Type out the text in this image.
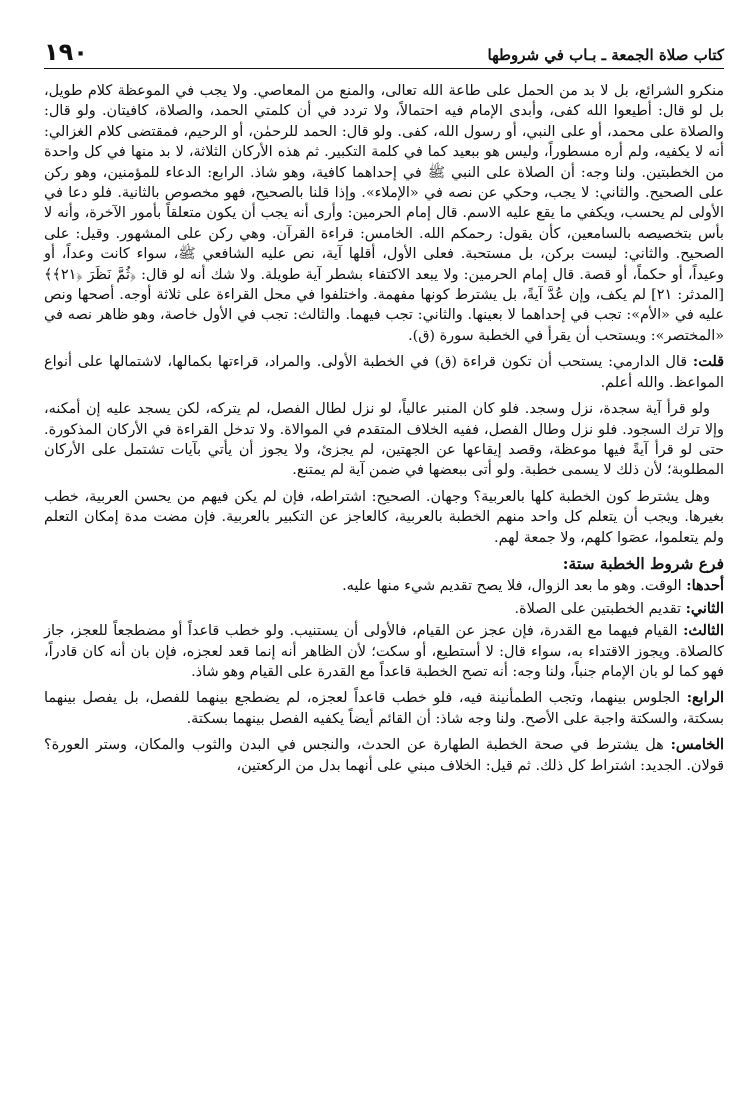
كتاب صلاة الجمعة ـ بـاب في شروطها
١٩٠

منكرو الشرائع، بل لا بد من الحمل على طاعة الله تعالى، والمنع من المعاصي. ولا يجب في الموعظة كلام طويل، بل لو قال: أطيعوا الله كفى، وأبدى الإمام فيه احتمالاً، ولا تردد في أن كلمتي الحمد، والصلاة، كافيتان. ولو قال: والصلاة على محمد، أو على النبي، أو رسول الله، كفى. ولو قال: الحمد للرحمٰن، أو الرحيم، فمقتضى كلام الغزالي: أنه لا يكفيه، ولم أره مسطوراً، وليس هو ببعيد كما في كلمة التكبير. ثم هذه الأركان الثلاثة، لا بد منها في كل واحدة من الخطبتين. ولنا وجه: أن الصلاة على النبي ﷺ في إحداهما كافية، وهو شاذ. الرابع: الدعاء للمؤمنين، وهو ركن على الصحيح. والثاني: لا يجب، وحكي عن نصه في «الإملاء». وإذا قلنا بالصحيح، فهو مخصوص بالثانية. فلو دعا في الأولى لم يحسب، ويكفي ما يقع عليه الاسم. قال إمام الحرمين: وأرى أنه يجب أن يكون متعلقاً بأمور الآخرة، وأنه لا بأس بتخصيصه بالسامعين، كأن يقول: رحمكم الله. الخامس: قراءة القرآن. وهي ركن على المشهور. وقيل: على الصحيح. والثاني: ليست بركن، بل مستحبة. فعلى الأول، أقلها آية، نص عليه الشافعي ﷺ، سواء كانت وعداً، أو وعيداً، أو حكماً، أو قصة. قال إمام الحرمين: ولا يبعد الاكتفاء بشطر آية طويلة. ولا شك أنه لو قال: ﴿ثُمَّ نَظَرَ ﴿٢١﴾﴾ [المدثر: ٢١] لم يكف، وإن عُدَّ آيةً، بل يشترط كونها مفهمة. واختلفوا في محل القراءة على ثلاثة أوجه. أصحها ونص عليه في «الأم»: تجب في إحداهما لا بعينها. والثاني: تجب فيهما. والثالث: تجب في الأول خاصة، وهو ظاهر نصه في «المختصر»: ويستحب أن يقرأ في الخطبة سورة (ق).

قلت: قال الدارمي: يستحب أن تكون قراءة (ق) في الخطبة الأولى. والمراد، قراءتها بكمالها، لاشتمالها على أنواع المواعظ. والله أعلم.

ولو قرأ آية سجدة، نزل وسجد. فلو كان المنبر عالياً، لو نزل لطال الفصل، لم يتركه، لكن يسجد عليه إن أمكنه، وإلا ترك السجود. فلو نزل وطال الفصل، ففيه الخلاف المتقدم في الموالاة. ولا تدخل القراءة في الأركان المذكورة. حتى لو قرأ آيةً فيها موعظة، وقصد إيقاعها عن الجهتين، لم يجزئ، ولا يجوز أن يأتي بآيات تشتمل على الأركان المطلوبة؛ لأن ذلك لا يسمى خطبة. ولو أتى ببعضها في ضمن آية لم يمتنع.

وهل يشترط كون الخطبة كلها بالعربية؟ وجهان. الصحيح: اشتراطه، فإن لم يكن فيهم من يحسن العربية، خطب بغيرها. ويجب أن يتعلم كل واحد منهم الخطبة بالعربية، كالعاجز عن التكبير بالعربية. فإن مضت مدة إمكان التعلم ولم يتعلموا، عصَوا كلهم، ولا جمعة لهم.

فرع شروط الخطبة ستة:

أحدها: الوقت. وهو ما بعد الزوال، فلا يصح تقديم شيء منها عليه.

الثاني: تقديم الخطبتين على الصلاة.

الثالث: القيام فيهما مع القدرة، فإن عجز عن القيام، فالأولى أن يستنيب. ولو خطب قاعداً أو مضطجعاً للعجز، جاز كالصلاة. ويجوز الاقتداء به، سواء قال: لا أستطيع، أو سكت؛ لأن الظاهر أنه إنما قعد لعجزه، فإن بان أنه كان قادراً، فهو كما لو بان الإمام جنباً، ولنا وجه: أنه تصح الخطبة قاعداً مع القدرة على القيام وهو شاذ.

الرابع: الجلوس بينهما، وتجب الطمأنينة فيه، فلو خطب قاعداً لعجزه، لم يضطجع بينهما للفصل، بل يفصل بينهما بسكتة، والسكتة واجبة على الأصح. ولنا وجه شاذ: أن القائم أيضاً يكفيه الفصل بينهما بسكتة.

الخامس: هل يشترط في صحة الخطبة الطهارة عن الحدث، والنجس في البدن والثوب والمكان، وستر العورة؟ قولان. الجديد: اشتراط كل ذلك. ثم قيل: الخلاف مبني على أنهما بدل من الركعتين،
